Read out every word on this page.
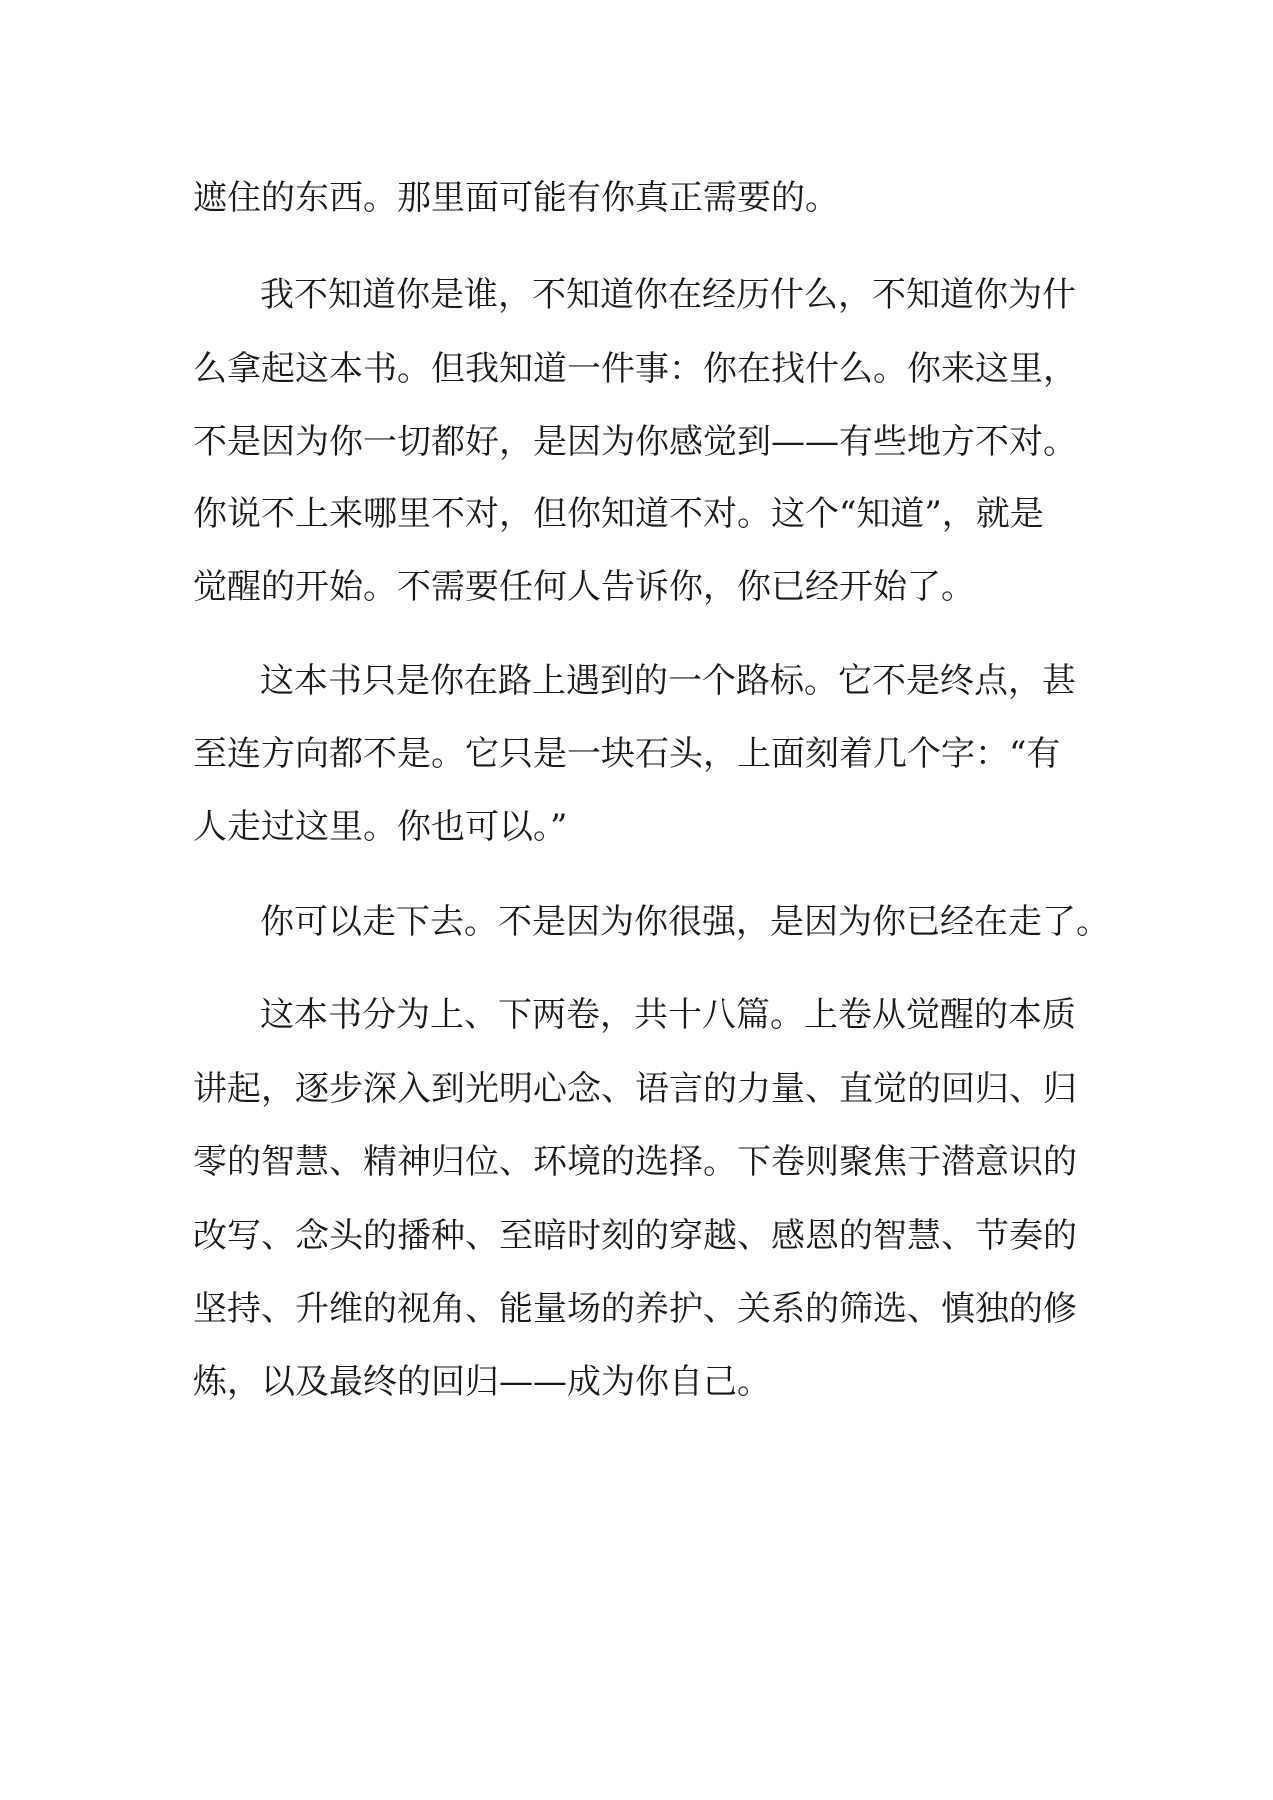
遮住的东西。那里面可能有你真正需要的。
我不知道你是谁，不知道你在经历什么，不知道你为什
么拿起这本书。但我知道一件事：你在找什么。你来这里，
不是因为你一切都好，是因为你感觉到——有些地方不对。
你说不上来哪里不对，但你知道不对。这个“知道”，就是
觉醒的开始。不需要任何人告诉你，你已经开始了。
这本书只是你在路上遇到的一个路标。它不是终点，甚
至连方向都不是。它只是一块石头，上面刻着几个字：“有
人走过这里。你也可以。”
你可以走下去。不是因为你很强，是因为你已经在走了。
这本书分为上、下两卷，共十八篇。上卷从觉醒的本质
讲起，逐步深入到光明心念、语言的力量、直觉的回归、归
零的智慧、精神归位、环境的选择。下卷则聚焦于潜意识的
改写、念头的播种、至暗时刻的穿越、感恩的智慧、节奏的
坚持、升维的视角、能量场的养护、关系的筛选、慎独的修
炼，以及最终的回归——成为你自己。
